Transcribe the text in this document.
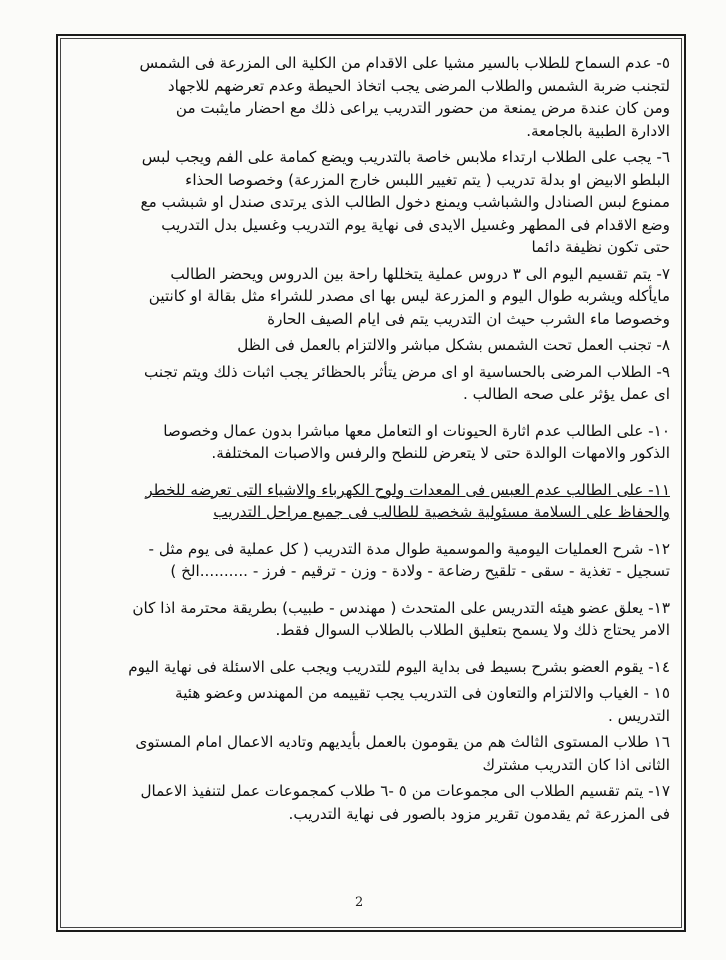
٥- عدم السماح للطلاب بالسير مشيا على الاقدام من الكلية الى المزرعة فى الشمس

لتجنب ضربة الشمس والطلاب المرضى يجب اتخاذ الحيطة وعدم تعرضهم للاجهاد

ومن كان عندة مرض يمنعة من حضور التدريب يراعى ذلك مع احضار مايثبت من

الادارة الطبية بالجامعة.

٦- يجب على الطلاب ارتداء ملابس خاصة بالتدريب ويضع كمامة على الفم ويجب لبس

البلطو الابيض او بدلة تدريب ( يتم تغيير اللبس خارج المزرعة) وخصوصا الحذاء

ممنوع لبس الصنادل والشباشب ويمنع دخول الطالب الذى يرتدى صندل او شبشب مع

وضع الاقدام فى المطهر وغسيل الايدى فى نهاية يوم التدريب وغسيل بدل التدريب

حتى تكون نظيفة دائما

٧- يتم تقسيم اليوم الى ٣ دروس عملية يتخللها راحة بين الدروس ويحضر الطالب

مايأكله ويشربه طوال اليوم و المزرعة ليس بها اى مصدر للشراء مثل بقالة او كانتين

وخصوصا ماء الشرب حيث ان التدريب يتم فى ايام الصيف الحارة

٨- تجنب العمل تحت الشمس بشكل مباشر والالتزام بالعمل فى الظل

٩- الطلاب المرضى بالحساسية او اى مرض يتأثر بالحظائر يجب اثبات ذلك ويتم تجنب

اى عمل يؤثر على صحه الطالب .

١٠- على الطالب عدم اثارة الحيونات او التعامل معها مباشرا بدون عمال وخصوصا

الذكور والامهات الوالدة حتى لا يتعرض للنطح والرفس والاصبات المختلفة.

١١- على الطالب عدم العبس فى المعدات ولوح الكهرباء والاشياء التى تعرضه للخطر

والحفاظ على السلامة مسئولية شخصية للطالب فى جميع مراحل التدريب

١٢- شرح العمليات اليومية والموسمية طوال مدة التدريب ( كل عملية فى يوم مثل -

تسجيل - تغذية - سقى - تلقيح رضاعة - ولادة - وزن - ترقيم - فرز - ..........الخ )

١٣- يعلق عضو هيئه التدريس على المتحدث ( مهندس - طبيب) بطريقة محترمة اذا كان

الامر يحتاج ذلك ولا يسمح بتعليق الطلاب بالطلاب السوال فقط.

١٤- يقوم العضو بشرح بسيط فى بداية اليوم للتدريب ويجب على الاسئلة فى نهاية اليوم

١٥ - الغياب والالتزام والتعاون فى التدريب يجب تقييمه من المهندس وعضو هئية

التدريس .

١٦ طلاب المستوى الثالث هم من يقومون بالعمل بأيديهم وتاديه الاعمال امام المستوى

الثانى اذا كان التدريب مشترك

١٧- يتم تقسيم الطلاب الى مجموعات من ٥ -٦ طلاب كمجموعات عمل لتنفيذ الاعمال

فى المزرعة ثم يقدمون تقرير مزود بالصور فى نهاية التدريب.

2
